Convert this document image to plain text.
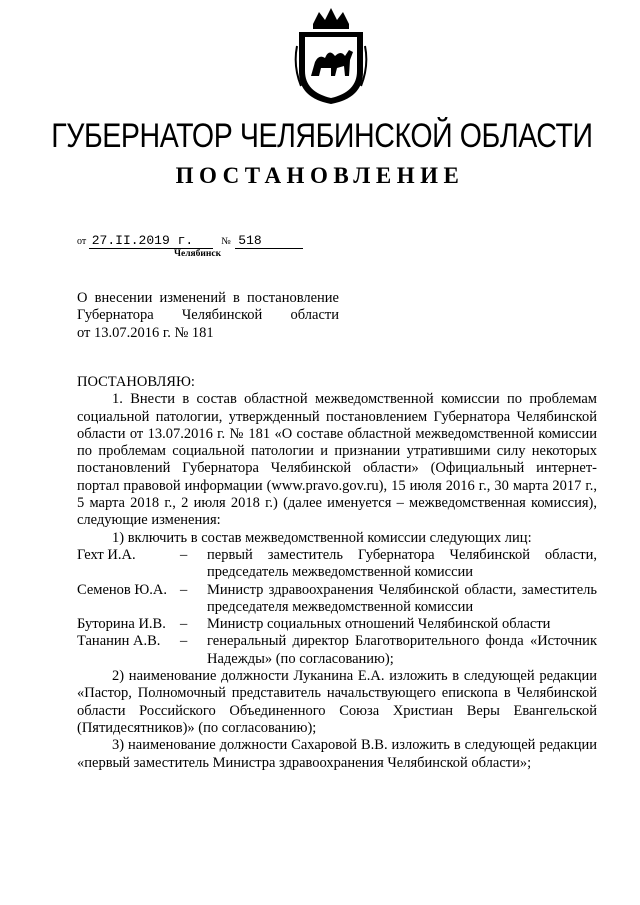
ГУБЕРНАТОР ЧЕЛЯБИНСКОЙ ОБЛАСТИ
ПОСТАНОВЛЕНИЕ
от 27.II.2019 г.	№ 518
Челябинск
О внесении изменений в постановление
Губернатора Челябинской области
от 13.07.2016 г. № 181

ПОСТАНОВЛЯЮ:

1. Внести в состав областной межведомственной комиссии по проблемам социальной патологии, утвержденный постановлением Губернатора Челябинской области от 13.07.2016 г. № 181 «О составе областной межведомственной комиссии по проблемам социальной патологии и признании утратившими силу некоторых постановлений Губернатора Челябинской области» (Официальный интернет-портал правовой информации (www.pravo.gov.ru), 15 июля 2016 г., 30 марта 2017 г., 5 марта 2018 г., 2 июля 2018 г.) (далее именуется – межведомственная комиссия), следующие изменения:

1) включить в состав межведомственной комиссии следующих лиц:

Гехт И.А.	–	первый заместитель Губернатора Челябинской области, председатель межведомственной комиссии
Семенов Ю.А.	–	Министр здравоохранения Челябинской области, заместитель председателя межведомственной комиссии
Буторина И.В.	–	Министр социальных отношений Челябинской области
Тананин А.В.	–	генеральный директор Благотворительного фонда «Источник Надежды» (по согласованию);

2) наименование должности Луканина Е.А. изложить в следующей редакции «Пастор, Полномочный представитель начальствующего епископа в Челябинской области Российского Объединенного Союза Христиан Веры Евангельской (Пятидесятников)» (по согласованию);

3) наименование должности Сахаровой В.В. изложить в следующей редакции «первый заместитель Министра здравоохранения Челябинской области»;
